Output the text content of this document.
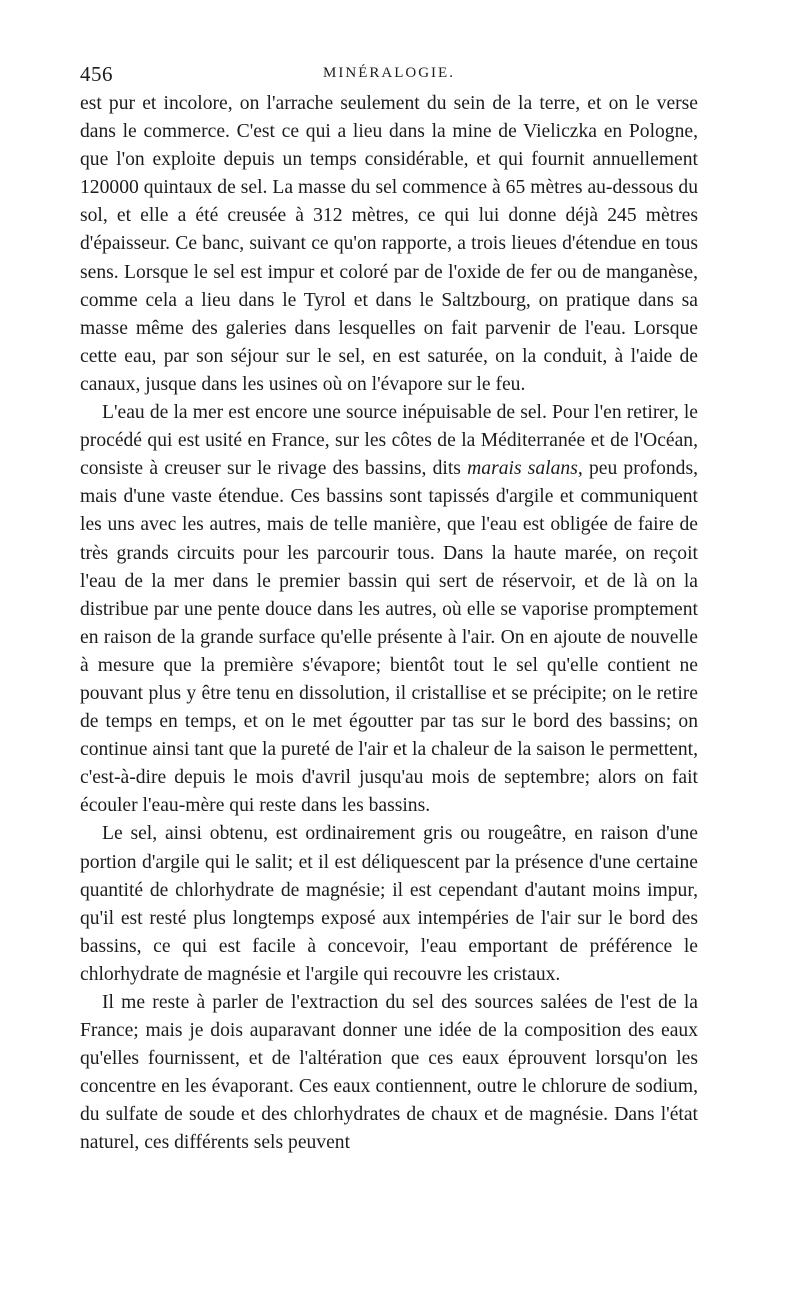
456	MINÉRALOGIE.

est pur et incolore, on l'arrache seulement du sein de la terre, et on le verse dans le commerce. C'est ce qui a lieu dans la mine de Vieliczka en Pologne, que l'on exploite depuis un temps considérable, et qui fournit annuellement 120000 quintaux de sel. La masse du sel commence à 65 mètres au-dessous du sol, et elle a été creusée à 312 mètres, ce qui lui donne déjà 245 mètres d'épaisseur. Ce banc, suivant ce qu'on rapporte, a trois lieues d'étendue en tous sens. Lorsque le sel est impur et coloré par de l'oxide de fer ou de manganèse, comme cela a lieu dans le Tyrol et dans le Saltzbourg, on pratique dans sa masse même des galeries dans lesquelles on fait parvenir de l'eau. Lorsque cette eau, par son séjour sur le sel, en est saturée, on la conduit, à l'aide de canaux, jusque dans les usines où on l'évapore sur le feu.

L'eau de la mer est encore une source inépuisable de sel. Pour l'en retirer, le procédé qui est usité en France, sur les côtes de la Méditerranée et de l'Océan, consiste à creuser sur le rivage des bassins, dits marais salans, peu profonds, mais d'une vaste étendue. Ces bassins sont tapissés d'argile et communiquent les uns avec les autres, mais de telle manière, que l'eau est obligée de faire de très grands circuits pour les parcourir tous. Dans la haute marée, on reçoit l'eau de la mer dans le premier bassin qui sert de réservoir, et de là on la distribue par une pente douce dans les autres, où elle se vaporise promptement en raison de la grande surface qu'elle présente à l'air. On en ajoute de nouvelle à mesure que la première s'évapore; bientôt tout le sel qu'elle contient ne pouvant plus y être tenu en dissolution, il cristallise et se précipite; on le retire de temps en temps, et on le met égoutter par tas sur le bord des bassins; on continue ainsi tant que la pureté de l'air et la chaleur de la saison le permettent, c'est-à-dire depuis le mois d'avril jusqu'au mois de septembre; alors on fait écouler l'eau-mère qui reste dans les bassins.

Le sel, ainsi obtenu, est ordinairement gris ou rougeâtre, en raison d'une portion d'argile qui le salit; et il est déliquescent par la présence d'une certaine quantité de chlorhydrate de magnésie; il est cependant d'autant moins impur, qu'il est resté plus longtemps exposé aux intempéries de l'air sur le bord des bassins, ce qui est facile à concevoir, l'eau emportant de préférence le chlorhydrate de magnésie et l'argile qui recouvre les cristaux.

Il me reste à parler de l'extraction du sel des sources salées de l'est de la France; mais je dois auparavant donner une idée de la composition des eaux qu'elles fournissent, et de l'altération que ces eaux éprouvent lorsqu'on les concentre en les évaporant. Ces eaux contiennent, outre le chlorure de sodium, du sulfate de soude et des chlorhydrates de chaux et de magnésie. Dans l'état naturel, ces différents sels peuvent
